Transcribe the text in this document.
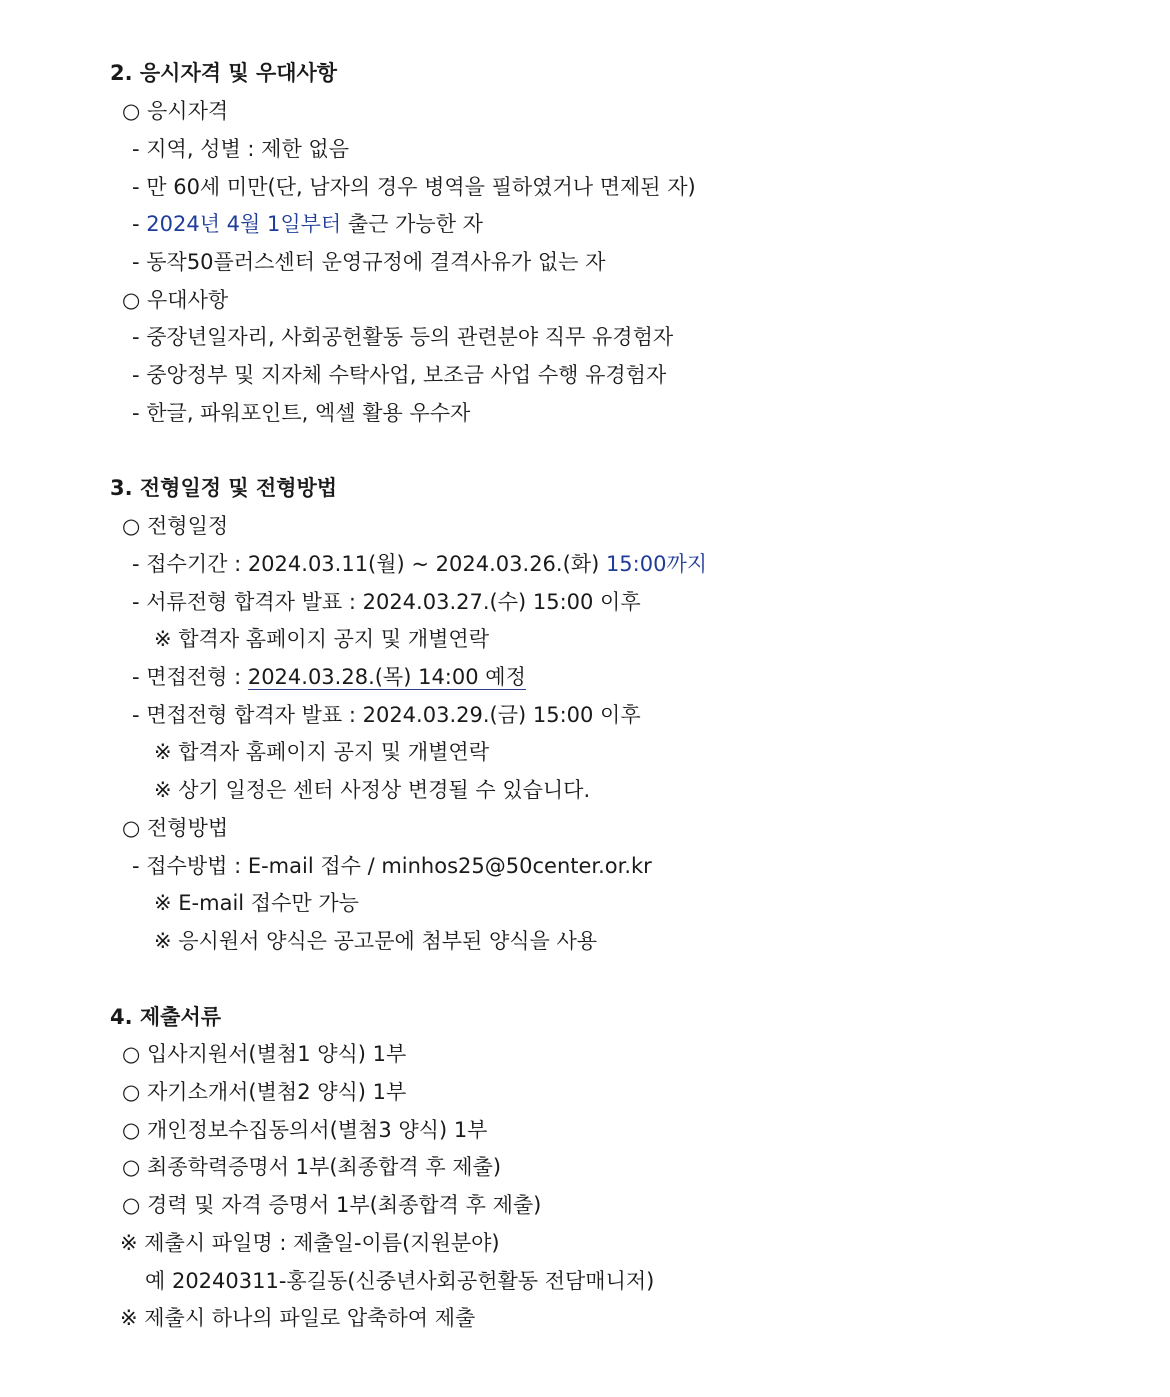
2. 응시자격 및 우대사항
○ 응시자격
- 지역, 성별 : 제한 없음
- 만 60세 미만(단, 남자의 경우 병역을 필하였거나 면제된 자)
- 2024년 4월 1일부터 출근 가능한 자
- 동작50플러스센터 운영규정에 결격사유가 없는 자
○ 우대사항
- 중장년일자리, 사회공헌활동 등의 관련분야 직무 유경험자
- 중앙정부 및 지자체 수탁사업, 보조금 사업 수행 유경험자
- 한글, 파워포인트, 엑셀 활용 우수자
3. 전형일정 및 전형방법
○ 전형일정
- 접수기간 : 2024.03.11(월) ~ 2024.03.26.(화) 15:00까지
- 서류전형 합격자 발표 : 2024.03.27.(수) 15:00 이후
※ 합격자 홈페이지 공지 및 개별연락
- 면접전형 : 2024.03.28.(목) 14:00 예정
- 면접전형 합격자 발표 : 2024.03.29.(금) 15:00 이후
※ 합격자 홈페이지 공지 및 개별연락
※ 상기 일정은 센터 사정상 변경될 수 있습니다.
○ 전형방법
- 접수방법 : E-mail 접수 / minhos25@50center.or.kr
※ E-mail 접수만 가능
※ 응시원서 양식은 공고문에 첨부된 양식을 사용
4. 제출서류
○ 입사지원서(별첨1 양식) 1부
○ 자기소개서(별첨2 양식) 1부
○ 개인정보수집동의서(별첨3 양식) 1부
○ 최종학력증명서 1부(최종합격 후 제출)
○ 경력 및 자격 증명서 1부(최종합격 후 제출)
※ 제출시 파일명 : 제출일-이름(지원분야)
예 20240311-홍길동(신중년사회공헌활동 전담매니저)
※ 제출시 하나의 파일로 압축하여 제출
